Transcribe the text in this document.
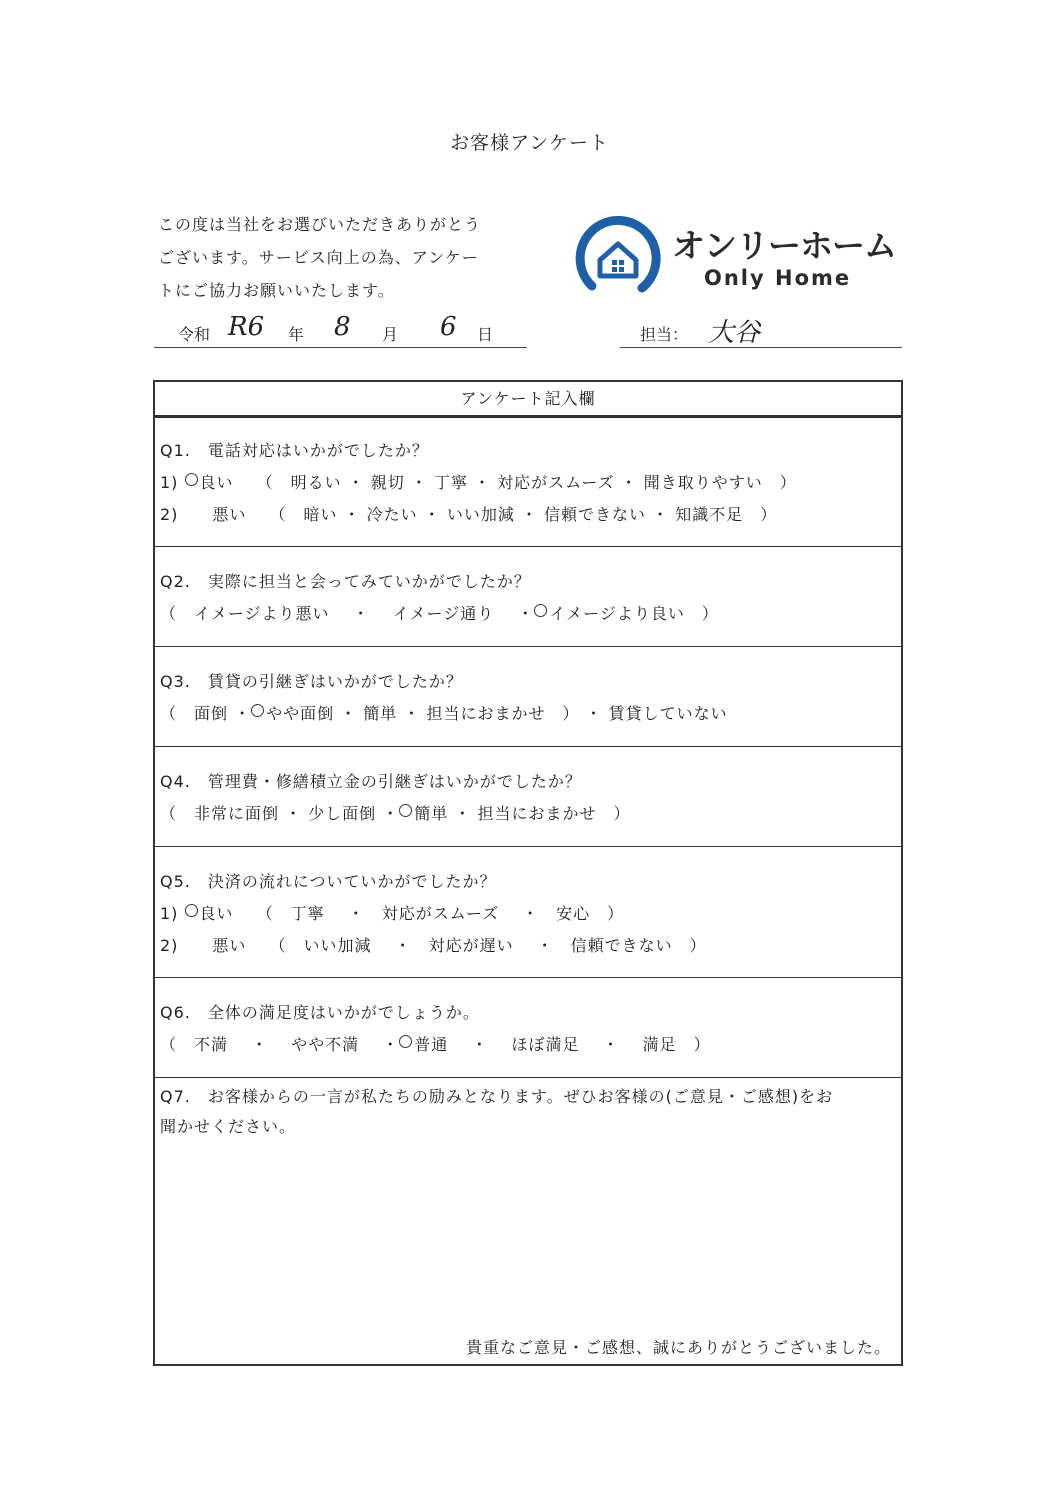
お客様アンケート
この度は当社をお選びいただきありがとう
ございます。サービス向上の為、アンケー
トにご協力お願いいたします。
オンリーホーム
Only Home
令和 R6 年 8 月 6 日	担当： 大谷
アンケート記入欄
Q1.　電話対応はいかがでしたか？
1) ○ 良い　 （　明るい ・ 親切 ・ 丁寧 ・ 対応がスムーズ ・ 聞き取りやすい　）
2)　　悪い　 （　暗い ・ 冷たい ・ いい加減 ・ 信頼できない ・ 知識不足　）
Q2.　実際に担当と会ってみていかがでしたか？
（　イメージより悪い　 ・　 イメージ通り　 ・○ イメージより良い　）
Q3.　賃貸の引継ぎはいかがでしたか？
（　面倒 ・○ やや面倒 ・ 簡単 ・ 担当におまかせ　） ・ 賃貸していない
Q4.　管理費・修繕積立金の引継ぎはいかがでしたか？
（　非常に面倒 ・ 少し面倒 ・○ 簡単 ・ 担当におまかせ　）
Q5.　決済の流れについていかがでしたか？
1) ○ 良い　 （　丁寧　 ・　対応がスムーズ　 ・　安心　）
2)　　悪い　 （　いい加減　 ・　対応が遅い　 ・　信頼できない　）
Q6.　全体の満足度はいかがでしょうか。
（　不満　 ・　 やや不満　 ・○ 普通　 ・　 ほぼ満足　 ・　 満足　）
Q7.　お客様からの一言が私たちの励みとなります。ぜひお客様の(ご意見・ご感想)をお
聞かせください。
貴重なご意見・ご感想、誠にありがとうございました。
